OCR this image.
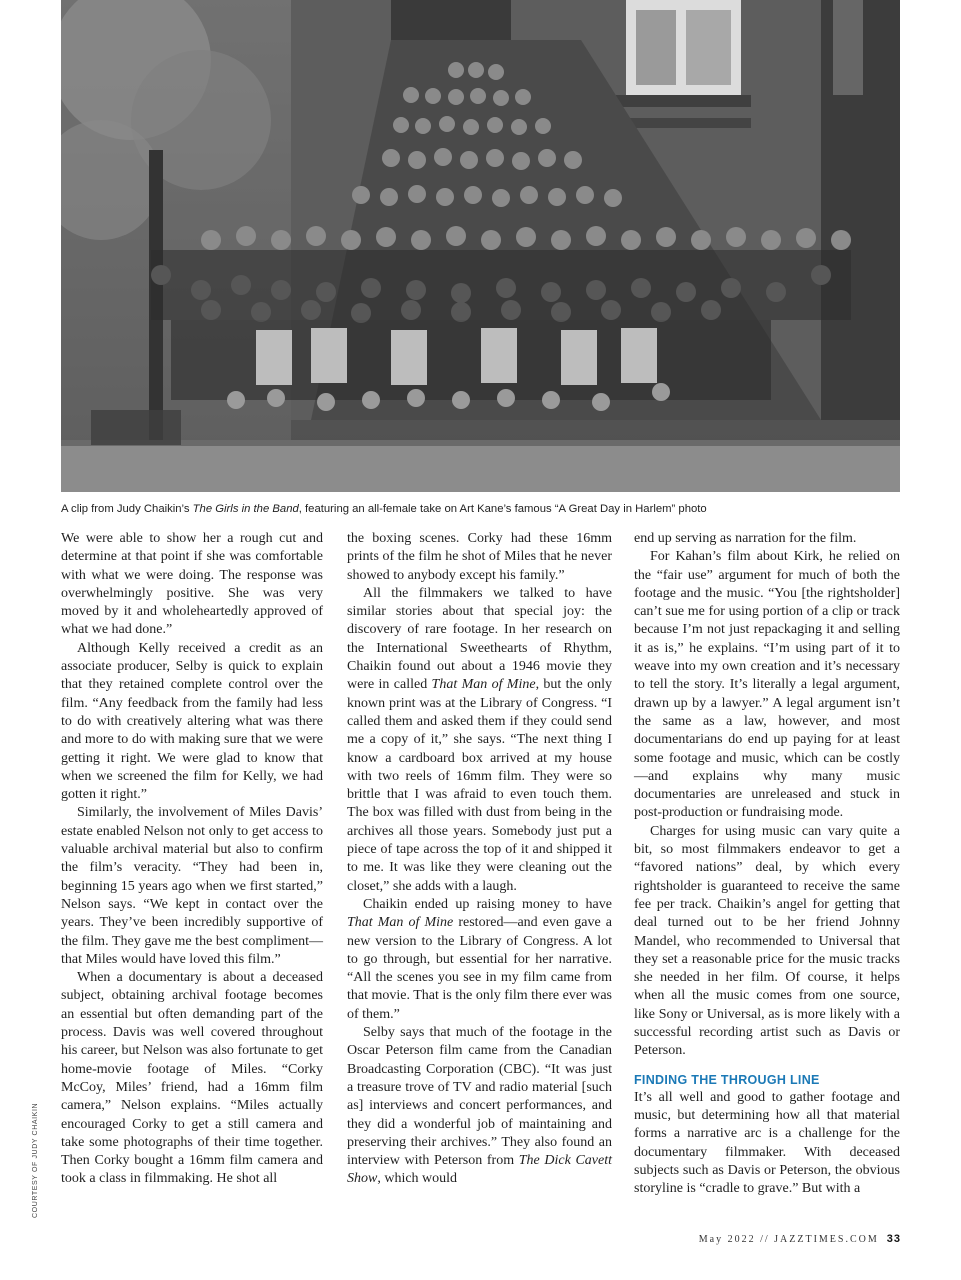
A clip from Judy Chaikin’s The Girls in the Band, featuring an all-female take on Art Kane’s famous “A Great Day in Harlem” photo

We were able to show her a rough cut and determine at that point if she was comfortable with what we were doing. The response was overwhelmingly positive. She was very moved by it and wholeheartedly approved of what we had done.”

Although Kelly received a credit as an associate producer, Selby is quick to explain that they retained complete control over the film. “Any feedback from the family had less to do with creatively altering what was there and more to do with making sure that we were getting it right. We were glad to know that when we screened the film for Kelly, we had gotten it right.”

Similarly, the involvement of Miles Davis’ estate enabled Nelson not only to get access to valuable archival material but also to confirm the film’s veracity. “They had been in, beginning 15 years ago when we first started,” Nelson says. “We kept in contact over the years. They’ve been incredibly supportive of the film. They gave me the best compliment—that Miles would have loved this film.”

When a documentary is about a deceased subject, obtaining archival footage becomes an essential but often demanding part of the process. Davis was well covered throughout his career, but Nelson was also fortunate to get home-movie footage of Miles. “Corky McCoy, Miles’ friend, had a 16mm film camera,” Nelson explains. “Miles actually encouraged Corky to get a still camera and take some photographs of their time together. Then Corky bought a 16mm film camera and took a class in filmmaking. He shot all

the boxing scenes. Corky had these 16mm prints of the film he shot of Miles that he never showed to anybody except his family.”

All the filmmakers we talked to have similar stories about that special joy: the discovery of rare footage. In her research on the International Sweethearts of Rhythm, Chaikin found out about a 1946 movie they were in called That Man of Mine, but the only known print was at the Library of Congress. “I called them and asked them if they could send me a copy of it,” she says. “The next thing I know a cardboard box arrived at my house with two reels of 16mm film. They were so brittle that I was afraid to even touch them. The box was filled with dust from being in the archives all those years. Somebody just put a piece of tape across the top of it and shipped it to me. It was like they were cleaning out the closet,” she adds with a laugh.

Chaikin ended up raising money to have That Man of Mine restored—and even gave a new version to the Library of Congress. A lot to go through, but essential for her narrative. “All the scenes you see in my film came from that movie. That is the only film there ever was of them.”

Selby says that much of the footage in the Oscar Peterson film came from the Canadian Broadcasting Corporation (CBC). “It was just a treasure trove of TV and radio material [such as] interviews and concert performances, and they did a wonderful job of maintaining and preserving their archives.” They also found an interview with Peterson from The Dick Cavett Show, which would

end up serving as narration for the film.

For Kahan’s film about Kirk, he relied on the “fair use” argument for much of both the footage and the music. “You [the rightsholder] can’t sue me for using portion of a clip or track because I’m not just repackaging it and selling it as is,” he explains. “I’m using part of it to weave into my own creation and it’s necessary to tell the story. It’s literally a legal argument, drawn up by a lawyer.” A legal argument isn’t the same as a law, however, and most documentarians do end up paying for at least some footage and music, which can be costly—and explains why many music documentaries are unreleased and stuck in post-production or fundraising mode.

Charges for using music can vary quite a bit, so most filmmakers endeavor to get a “favored nations” deal, by which every rightsholder is guaranteed to receive the same fee per track. Chaikin’s angel for getting that deal turned out to be her friend Johnny Mandel, who recommended to Universal that they set a reasonable price for the music tracks she needed in her film. Of course, it helps when all the music comes from one source, like Sony or Universal, as is more likely with a successful recording artist such as Davis or Peterson.

FINDING THE THROUGH LINE

It’s all well and good to gather footage and music, but determining how all that material forms a narrative arc is a challenge for the documentary filmmaker. With deceased subjects such as Davis or Peterson, the obvious storyline is “cradle to grave.” But with a

COURTESY OF JUDY CHAIKIN
May 2022 // JAZZTIMES.COM 33
